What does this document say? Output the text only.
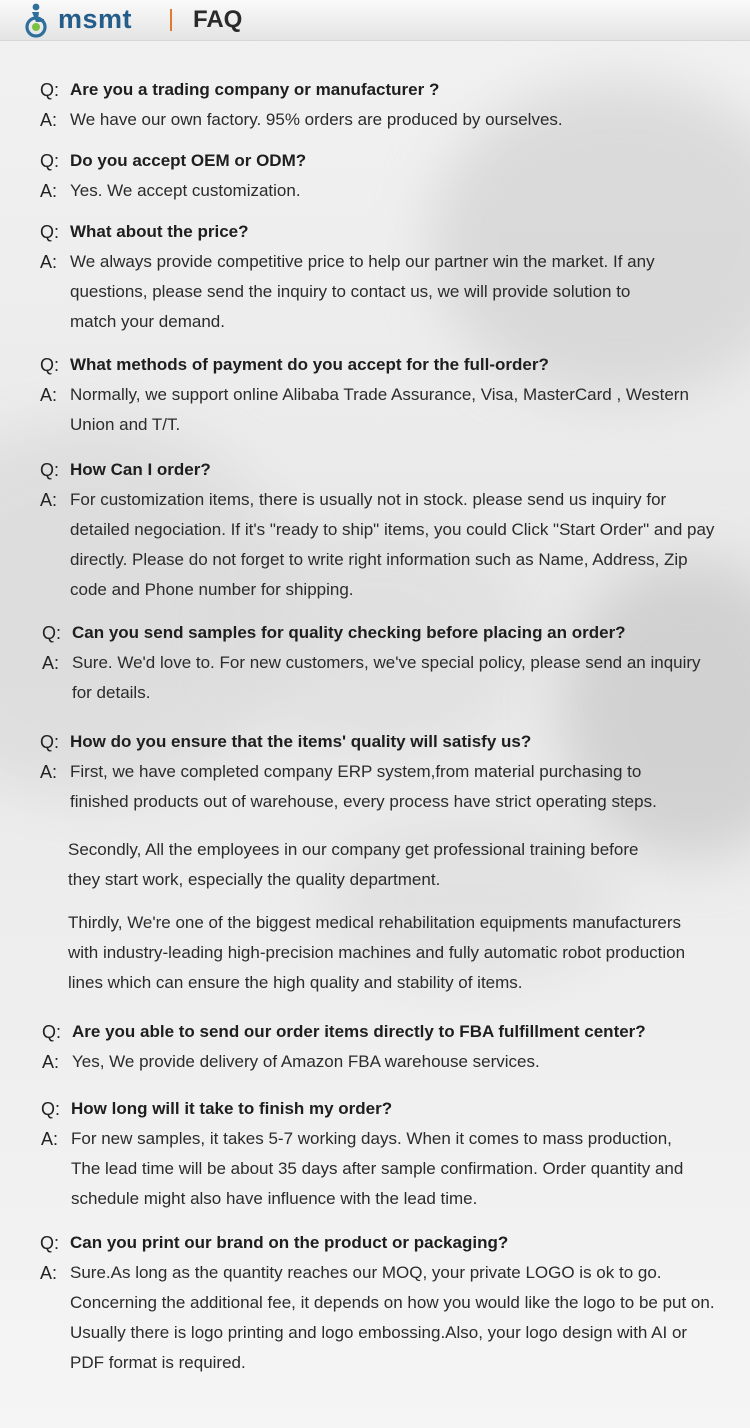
msmt	FAQ
Q: Are you a trading company or manufacturer ?
A: We have our own factory. 95% orders are produced by ourselves.
Q: Do you accept OEM or ODM?
A: Yes. We accept customization.
Q: What about the price?
A: We always provide competitive price to help our partner win the market. If any questions, please send the inquiry to contact us, we will provide solution to match your demand.
Q: What methods of payment do you accept for the full-order?
A: Normally, we support online Alibaba Trade Assurance, Visa, MasterCard , Western Union and T/T.
Q: How Can I order?
A: For customization items, there is usually not in stock. please send us inquiry for detailed negociation. If it's "ready to ship" items, you could Click "Start Order" and pay directly. Please do not forget to write right information such as Name, Address, Zip code and Phone number for shipping.
Q: Can you send samples for quality checking before placing an order?
A: Sure. We'd love to. For new customers, we've special policy, please send an inquiry for details.
Q: How do you ensure that the items' quality will satisfy us?
A: First, we have completed company ERP system,from material purchasing to finished products out of warehouse, every process have strict operating steps.
Secondly, All the employees in our company get professional training before they start work, especially the quality department.
Thirdly, We're one of the biggest medical rehabilitation equipments manufacturers with industry-leading high-precision machines and fully automatic robot production lines which can ensure the high quality and stability of items.
Q: Are you able to send our order items directly to FBA fulfillment center?
A: Yes, We provide delivery of Amazon FBA warehouse services.
Q: How long will it take to finish my order?
A: For new samples, it takes 5-7 working days. When it comes to mass production, The lead time will be about 35 days after sample confirmation. Order quantity and schedule might also have influence with the lead time.
Q: Can you print our brand on the product or packaging?
A: Sure.As long as the quantity reaches our MOQ, your private LOGO is ok to go. Concerning the additional fee, it depends on how you would like the logo to be put on. Usually there is logo printing and logo embossing.Also, your logo design with AI or PDF format is required.
